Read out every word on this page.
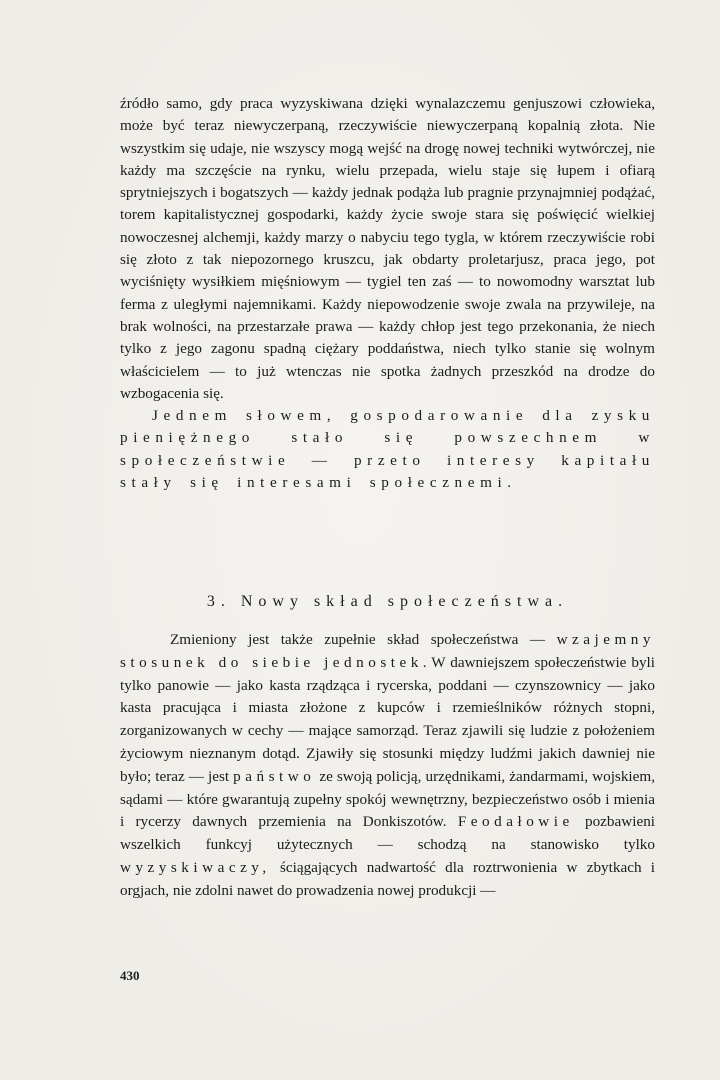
źródło samo, gdy praca wyzyskiwana dzięki wynalazczemu genjuszowi człowieka, może być teraz niewyczerpaną, rzeczywiście niewyczerpaną kopalnią złota. Nie wszystkim się udaje, nie wszyscy mogą wejść na drogę nowej techniki wytwórczej, nie każdy ma szczęście na rynku, wielu przepada, wielu staje się łupem i ofiarą sprytniejszych i bogatszych — każdy jednak podąża lub pragnie przynajmniej podążać, torem kapitalistycznej gospodarki, każdy życie swoje stara się poświęcić wielkiej nowoczesnej alchemji, każdy marzy o nabyciu tego tygla, w którem rzeczywiście robi się złoto z tak niepozornego kruszcu, jak obdarty proletarjusz, praca jego, pot wyciśnięty wysiłkiem mięśniowym — tygiel ten zaś — to nowomodny warsztat lub ferma z uległymi najemnikami. Każdy niepowodzenie swoje zwala na przywileje, na brak wolności, na przestarzałe prawa — każdy chłop jest tego przekonania, że niech tylko z jego zagonu spadną ciężary poddaństwa, niech tylko stanie się wolnym właścicielem — to już wtenczas nie spotka żadnych przeszkód na drodze do wzbogacenia się.

Jednem słowem, gospodarowanie dla zysku pieniężnego stało się powszechnem w społeczeństwie — przeto interesy kapitału stały się interesami społecznemi.

3. Nowy skład społeczeństwa.

Zmieniony jest także zupełnie skład społeczeństwa — wzajemny stosunek do siebie jednostek. W dawniejszem społeczeństwie byli tylko panowie — jako kasta rządząca i rycerska, poddani — czynszownicy — jako kasta pracująca i miasta złożone z kupców i rzemieślników różnych stopni, zorganizowanych w cechy — mające samorząd. Teraz zjawili się ludzie z położeniem życiowym nieznanym dotąd. Zjawiły się stosunki między ludźmi jakich dawniej nie było; teraz — jest państwo ze swoją policją, urzędnikami, żandarmami, wojskiem, sądami — które gwarantują zupełny spokój wewnętrzny, bezpieczeństwo osób i mienia i rycerzy dawnych przemienia na Donkiszotów. Feodałowie pozbawieni wszelkich funkcyj użytecznych — schodzą na stanowisko tylko wyzyskiwaczy, ściągających nadwartość dla roztrwonienia w zbytkach i orgjach, nie zdolni nawet do prowadzenia nowej produkcji —

430
